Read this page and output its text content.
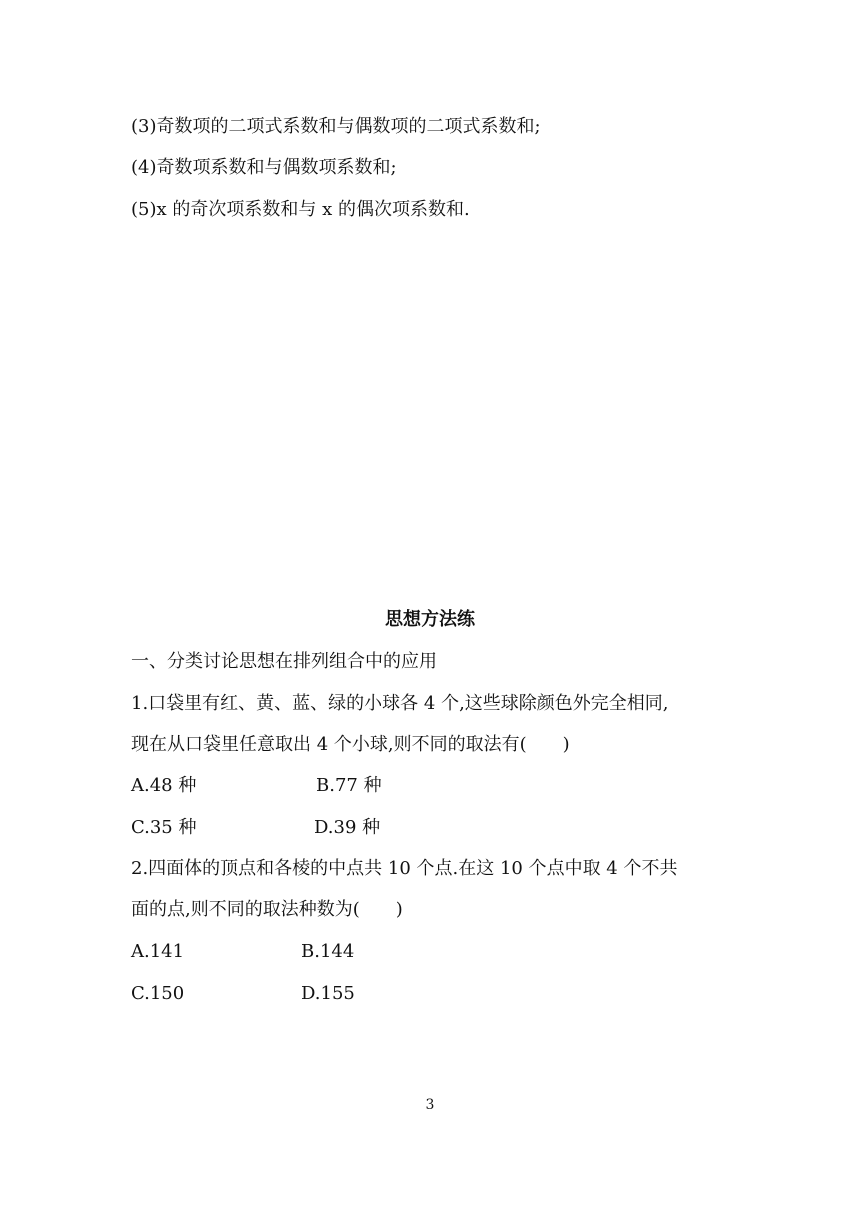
(3)奇数项的二项式系数和与偶数项的二项式系数和;
(4)奇数项系数和与偶数项系数和;
(5)x 的奇次项系数和与 x 的偶次项系数和.
思想方法练
一、分类讨论思想在排列组合中的应用
1.口袋里有红、黄、蓝、绿的小球各 4 个,这些球除颜色外完全相同,
现在从口袋里任意取出 4 个小球,则不同的取法有(　　)
A.48 种	B.77 种
C.35 种	D.39 种
2.四面体的顶点和各棱的中点共 10 个点.在这 10 个点中取 4 个不共
面的点,则不同的取法种数为(　　)
A.141	B.144
C.150	D.155
3
